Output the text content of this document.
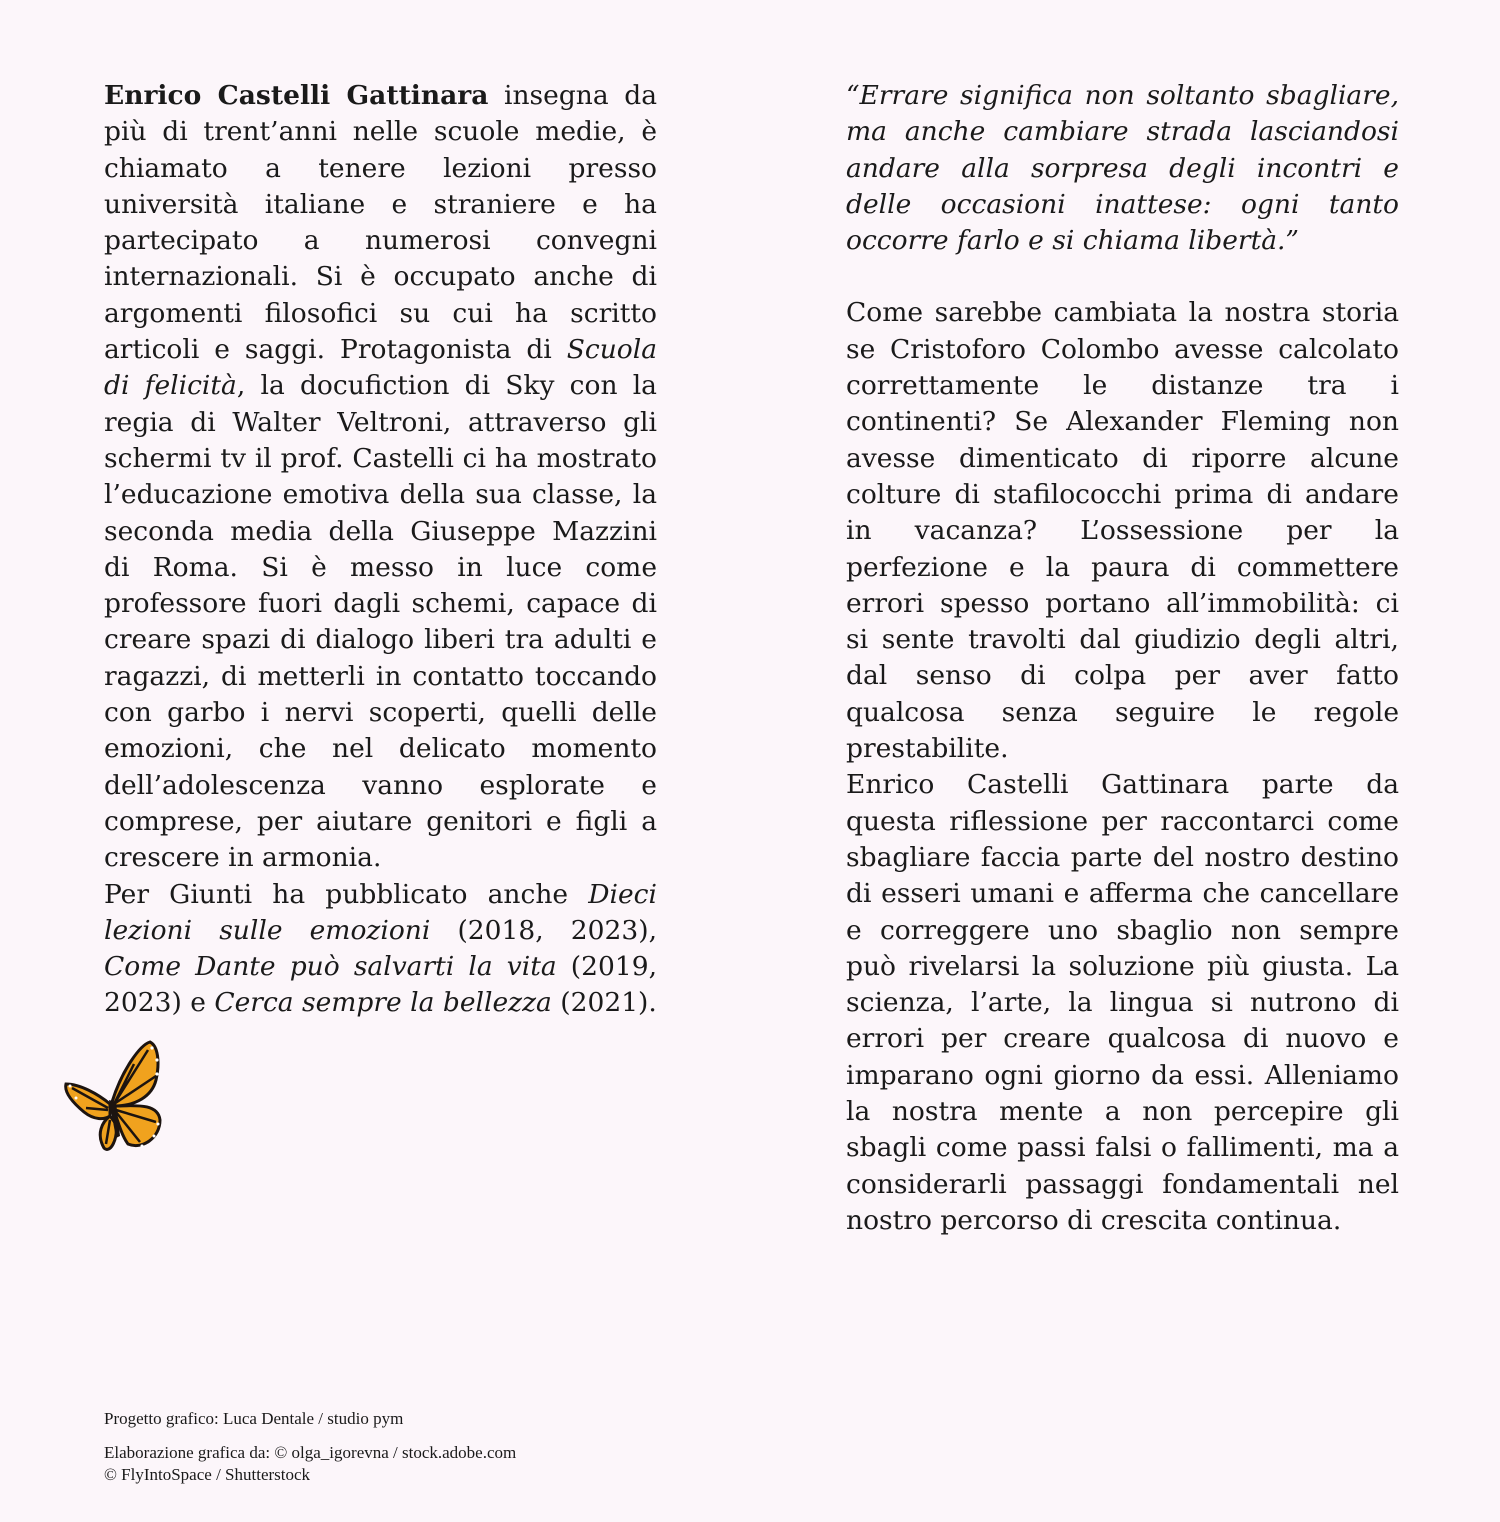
Enrico Castelli Gattinara insegna da più di trent’anni nelle scuole medie, è chiamato a tenere lezioni presso università italiane e straniere e ha partecipato a numerosi convegni internazionali. Si è occupato anche di argomenti filosofici su cui ha scritto articoli e saggi. Protagonista di Scuola di felicità, la docufiction di Sky con la regia di Walter Veltroni, attraverso gli schermi tv il prof. Castelli ci ha mostrato l’educazione emotiva della sua classe, la seconda media della Giuseppe Mazzini di Roma. Si è messo in luce come professore fuori dagli schemi, capace di creare spazi di dialogo liberi tra adulti e ragazzi, di metterli in contatto toccando con garbo i nervi scoperti, quelli delle emozioni, che nel delicato momento dell’adolescenza vanno esplorate e comprese, per aiutare genitori e figli a crescere in armonia.

Per Giunti ha pubblicato anche Dieci lezioni sulle emozioni (2018, 2023), Come Dante può salvarti la vita (2019, 2023) e Cerca sempre la bellezza (2021).

“Errare significa non soltanto sbagliare, ma anche cambiare strada lasciandosi andare alla sorpresa degli incontri e delle occasioni inattese: ogni tanto occorre farlo e si chiama libertà.”

Come sarebbe cambiata la nostra storia se Cristoforo Colombo avesse calcolato correttamente le distanze tra i continenti? Se Alexander Fleming non avesse dimenticato di riporre alcune colture di stafilococchi prima di andare in vacanza? L’ossessione per la perfezione e la paura di commettere errori spesso portano all’immobilità: ci si sente travolti dal giudizio degli altri, dal senso di colpa per aver fatto qualcosa senza seguire le regole prestabilite.

Enrico Castelli Gattinara parte da questa riflessione per raccontarci come sbagliare faccia parte del nostro destino di esseri umani e afferma che cancellare e correggere uno sbaglio non sempre può rivelarsi la soluzione più giusta. La scienza, l’arte, la lingua si nutrono di errori per creare qualcosa di nuovo e imparano ogni giorno da essi. Alleniamo la nostra mente a non percepire gli sbagli come passi falsi o fallimenti, ma a considerarli passaggi fondamentali nel nostro percorso di crescita continua.

Progetto grafico: Luca Dentale / studio pym

Elaborazione grafica da: © olga_igorevna / stock.adobe.com

© FlyIntoSpace / Shutterstock
